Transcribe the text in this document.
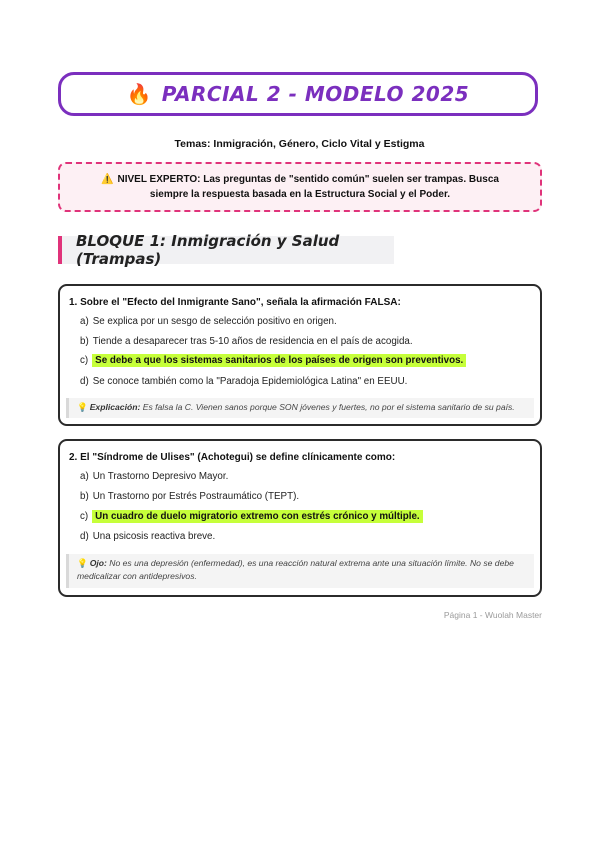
🔥 PARCIAL 2 - MODELO 2025
Temas: Inmigración, Género, Ciclo Vital y Estigma
⚠️ NIVEL EXPERTO: Las preguntas de "sentido común" suelen ser trampas. Busca siempre la respuesta basada en la Estructura Social y el Poder.
BLOQUE 1: Inmigración y Salud (Trampas)
1. Sobre el "Efecto del Inmigrante Sano", señala la afirmación FALSA:
a) Se explica por un sesgo de selección positivo en origen.
b) Tiende a desaparecer tras 5-10 años de residencia en el país de acogida.
c) Se debe a que los sistemas sanitarios de los países de origen son preventivos.
d) Se conoce también como la "Paradoja Epidemiológica Latina" en EEUU.
💡 Explicación: Es falsa la C. Vienen sanos porque SON jóvenes y fuertes, no por el sistema sanitario de su país.
2. El "Síndrome de Ulises" (Achotegui) se define clínicamente como:
a) Un Trastorno Depresivo Mayor.
b) Un Trastorno por Estrés Postraumático (TEPT).
c) Un cuadro de duelo migratorio extremo con estrés crónico y múltiple.
d) Una psicosis reactiva breve.
💡 Ojo: No es una depresión (enfermedad), es una reacción natural extrema ante una situación límite. No se debe medicalizar con antidepresivos.
Página 1 - Wuolah Master
